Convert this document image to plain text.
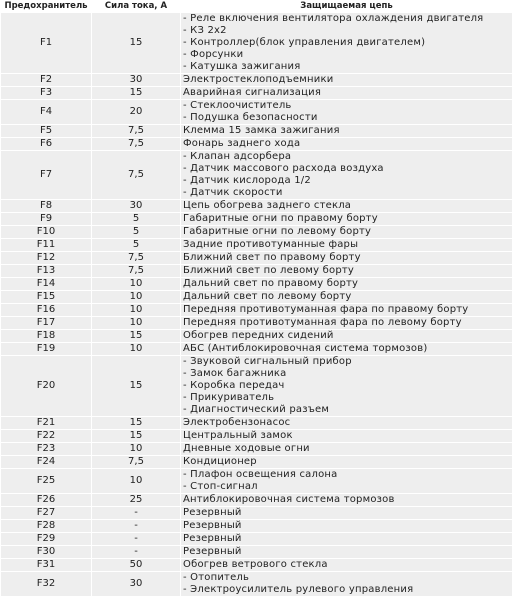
Предохранитель	Сила тока, А	Защищаемая цепь
F1	15	- Реле включения вентилятора охлаждения двигателя
- КЗ 2х2
- Контроллер(блок управления двигателем)
- Форсунки
- Катушка зажигания

F2	30	Электростеклоподъемники

F3	15	Аварийная сигнализация

F4	20	- Стеклоочиститель
- Подушка безопасности

F5	7,5	Клемма 15 замка зажигания

F6	7,5	Фонарь заднего хода

F7	7,5	- Клапан адсорбера
- Датчик массового расхода воздуха
- Датчик кислорода 1/2
- Датчик скорости

F8	30	Цепь обогрева заднего стекла

F9	5	Габаритные огни по правому борту

F10	5	Габаритные огни по левому борту

F11	5	Задние противотуманные фары

F12	7,5	Ближний свет по правому борту

F13	7,5	Ближний свет по левому борту

F14	10	Дальний свет по правому борту

F15	10	Дальний свет по левому борту

F16	10	Передняя противотуманная фара по правому борту

F17	10	Передняя противотуманная фара по левому борту

F18	15	Обогрев передних сидений

F19	10	АБС (Антиблокировочная система тормозов)

F20	15	- Звуковой сигнальный прибор
- Замок багажника
- Коробка передач
- Прикуриватель
- Диагностический разъем

F21	15	Электробензонасос

F22	15	Центральный замок

F23	10	Дневные ходовые огни

F24	7,5	Кондиционер

F25	10	- Плафон освещения салона
- Стоп-сигнал

F26	25	Антиблокировочная система тормозов

F27	-	Резервный

F28	-	Резервный

F29	-	Резервный

F30	-	Резервный

F31	50	Обогрев ветрового стекла

F32	30	- Отопитель
- Электроусилитель рулевого управления
